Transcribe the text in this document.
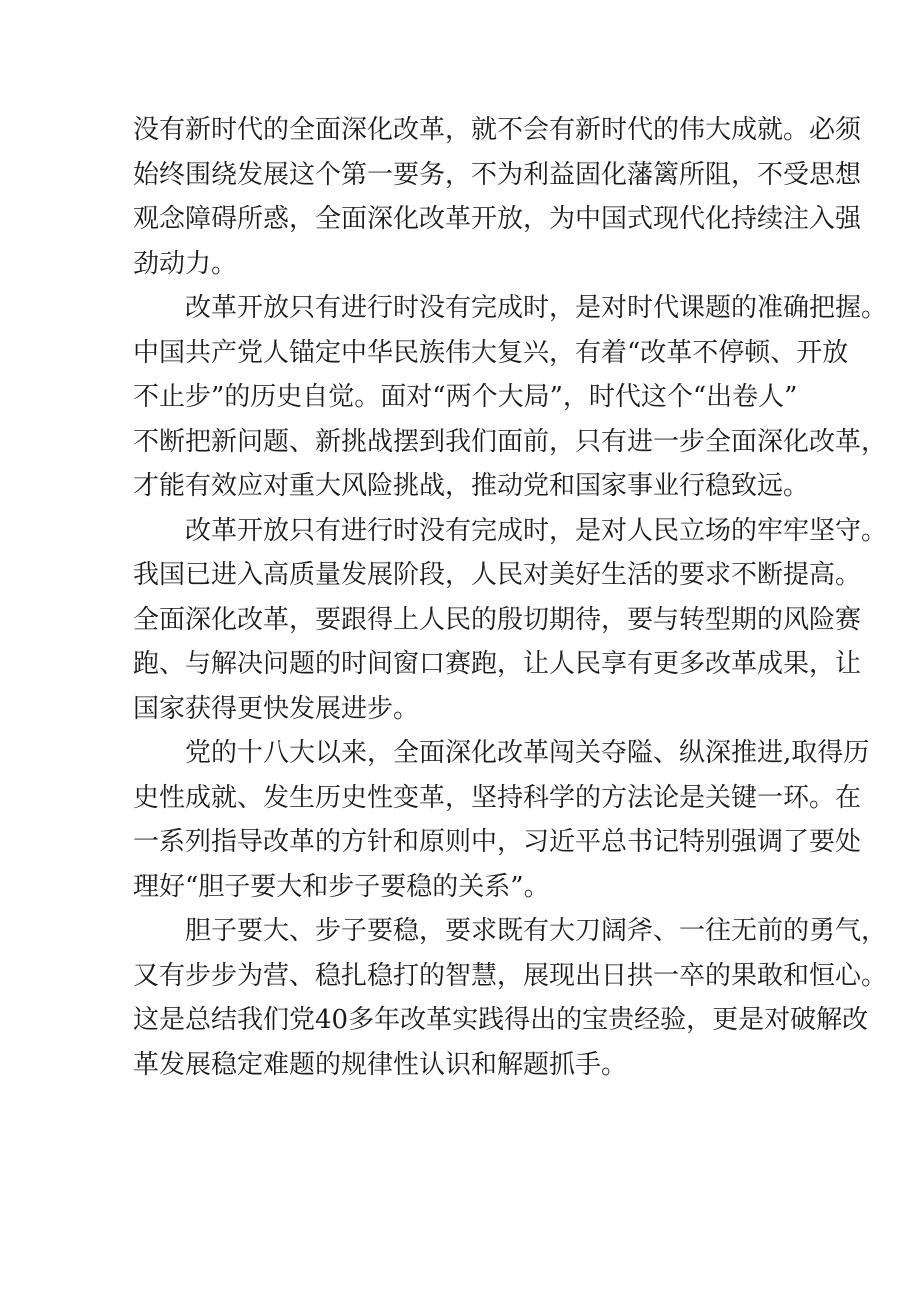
没有新时代的全面深化改革，就不会有新时代的伟大成就。必须
始终围绕发展这个第一要务，不为利益固化藩篱所阻，不受思想
观念障碍所惑，全面深化改革开放，为中国式现代化持续注入强
劲动力。
改革开放只有进行时没有完成时，是对时代课题的准确把握。
中国共产党人锚定中华民族伟大复兴，有着“改革不停顿、开放
不止步”的历史自觉。面对“两个大局”，时代这个“出卷人”
不断把新问题、新挑战摆到我们面前，只有进一步全面深化改革，
才能有效应对重大风险挑战，推动党和国家事业行稳致远。
改革开放只有进行时没有完成时，是对人民立场的牢牢坚守。
我国已进入高质量发展阶段，人民对美好生活的要求不断提高。
全面深化改革，要跟得上人民的殷切期待，要与转型期的风险赛
跑、与解决问题的时间窗口赛跑，让人民享有更多改革成果，让
国家获得更快发展进步。
党的十八大以来，全面深化改革闯关夺隘、纵深推进,取得历
史性成就、发生历史性变革，坚持科学的方法论是关键一环。在
一系列指导改革的方针和原则中，习近平总书记特别强调了要处
理好“胆子要大和步子要稳的关系”。
胆子要大、步子要稳，要求既有大刀阔斧、一往无前的勇气，
又有步步为营、稳扎稳打的智慧，展现出日拱一卒的果敢和恒心。
这是总结我们党40多年改革实践得出的宝贵经验，更是对破解改
革发展稳定难题的规律性认识和解题抓手。
